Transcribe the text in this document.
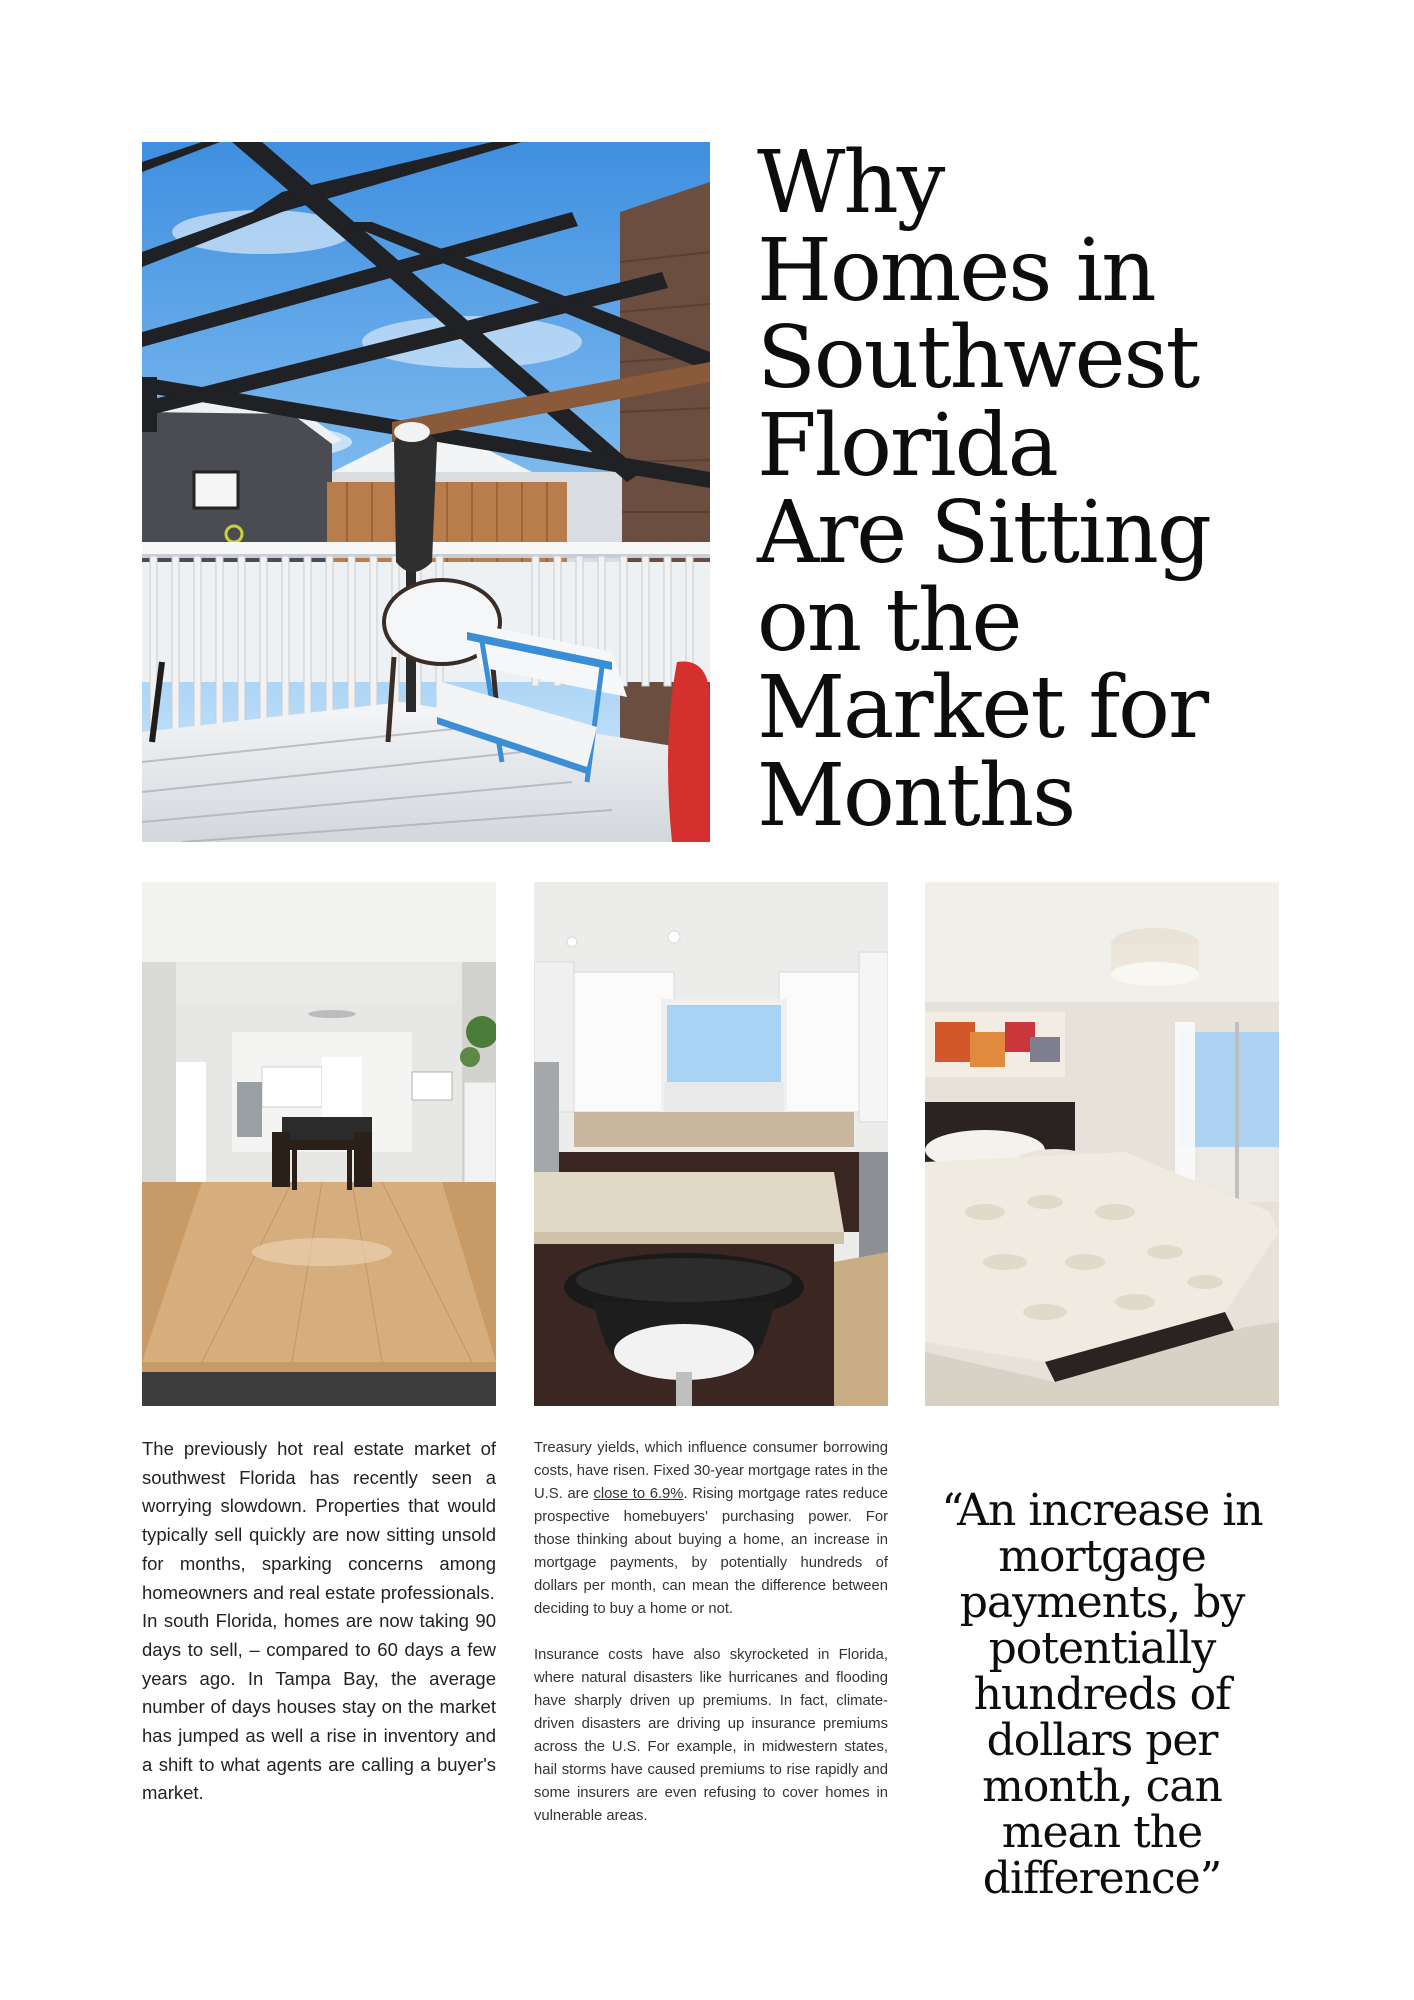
Why
Homes in
Southwest
Florida
Are Sitting
on the
Market for
Months

The previously hot real estate market of southwest Florida has recently seen a worrying slowdown. Properties that would typically sell quickly are now sitting unsold for months, sparking concerns among homeowners and real estate professionals.

In south Florida, homes are now taking 90 days to sell, – compared to 60 days a few years ago. In Tampa Bay, the average number of days houses stay on the market has jumped as well a rise in inventory and a shift to what agents are calling a buyer's market.

Treasury yields, which influence consumer borrowing costs, have risen. Fixed 30-year mortgage rates in the U.S. are close to 6.9%. Rising mortgage rates reduce prospective homebuyers' purchasing power. For those thinking about buying a home, an increase in mortgage payments, by potentially hundreds of dollars per month, can mean the difference between deciding to buy a home or not.

Insurance costs have also skyrocketed in Florida, where natural disasters like hurricanes and flooding have sharply driven up premiums. In fact, climate-driven disasters are driving up insurance premiums across the U.S. For example, in midwestern states, hail storms have caused premiums to rise rapidly and some insurers are even refusing to cover homes in vulnerable areas.

“An increase in mortgage payments, by potentially hundreds of dollars per month, can mean the difference”
